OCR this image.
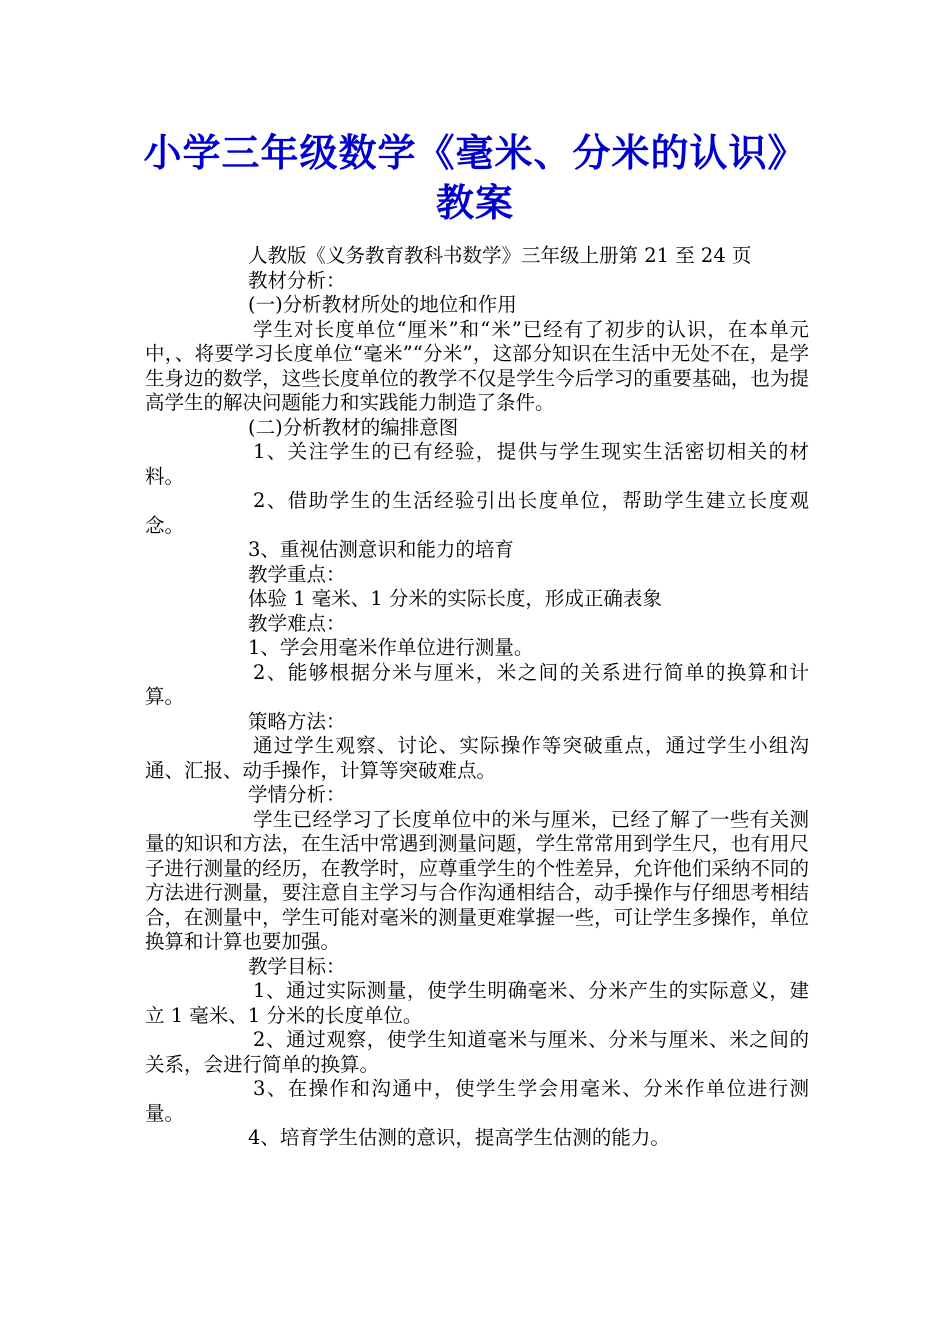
小学三年级数学《毫米、分米的认识》教案

人教版《义务教育教科书数学》三年级上册第 21 至 24 页

教材分析：

(一)分析教材所处的地位和作用

学生对长度单位“厘米”和“米”已经有了初步的认识，在本单元中，、将要学习长度单位“毫米”“分米”，这部分知识在生活中无处不在，是学生身边的数学，这些长度单位的教学不仅是学生今后学习的重要基础，也为提高学生的解决问题能力和实践能力制造了条件。

(二)分析教材的编排意图

1、关注学生的已有经验，提供与学生现实生活密切相关的材料。

2、借助学生的生活经验引出长度单位，帮助学生建立长度观念。

3、重视估测意识和能力的培育

教学重点：

体验 1 毫米、1 分米的实际长度，形成正确表象

教学难点：

1、学会用毫米作单位进行测量。

2、能够根据分米与厘米，米之间的关系进行简单的换算和计算。

策略方法：

通过学生观察、讨论、实际操作等突破重点，通过学生小组沟通、汇报、动手操作，计算等突破难点。

学情分析：

学生已经学习了长度单位中的米与厘米，已经了解了一些有关测量的知识和方法，在生活中常遇到测量问题，学生常常用到学生尺，也有用尺子进行测量的经历，在教学时，应尊重学生的个性差异，允许他们采纳不同的方法进行测量，要注意自主学习与合作沟通相结合，动手操作与仔细思考相结合，在测量中，学生可能对毫米的测量更难掌握一些，可让学生多操作，单位换算和计算也要加强。

教学目标：

1、通过实际测量，使学生明确毫米、分米产生的实际意义，建立 1 毫米、1 分米的长度单位。

2、通过观察，使学生知道毫米与厘米、分米与厘米、米之间的关系，会进行简单的换算。

3、在操作和沟通中，使学生学会用毫米、分米作单位进行测量。

4、培育学生估测的意识，提高学生估测的能力。
